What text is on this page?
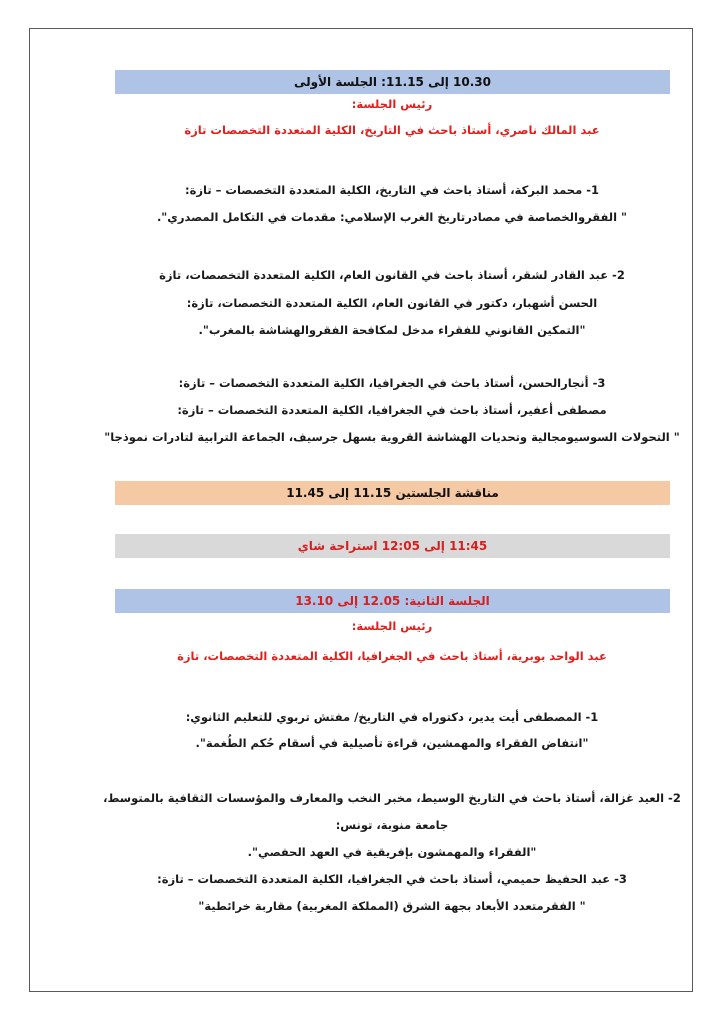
10.30 إلى 11.15: الجلسة الأولى
رئيس الجلسة:
عبد المالك ناصري، أستاذ باحث في التاريخ، الكلية المتعددة التخصصات تازة
1- محمد البركة، أستاذ باحث في التاريخ، الكلية المتعددة التخصصات – تازة:
" الفقروالخصاصة في مصادرتاريخ الغرب الإسلامي: مقدمات في التكامل المصدري".
2- عبد القادر لشقر، أستاذ باحث في القانون العام، الكلية المتعددة التخصصات، تازة
الحسن أشهبار، دكتور في القانون العام، الكلية المتعددة التخصصات، تازة:
"التمكين القانوني للفقراء مدخل لمكافحة الفقروالهشاشة بالمغرب".
3- أنجارالحسن، أستاذ باحث في الجغرافيا، الكلية المتعددة التخصصات – تازة:
مصطفى أعفير، أستاذ باحث في الجغرافيا، الكلية المتعددة التخصصات – تازة:
" التحولات السوسيومجالية وتحديات الهشاشة القروية بسهل جرسيف، الجماعة الترابية لتادرات نموذجا"
مناقشة الجلستين 11.15 إلى 11.45
11:45 إلى 12:05 استراحة شاي
الجلسة الثانية: 12.05 إلى 13.10
رئيس الجلسة:
عبد الواحد بوبرية، أستاذ باحث في الجغرافيا، الكلية المتعددة التخصصات، تازة
1- المصطفى أيت يدير، دكتوراه في التاريخ/ مفتش تربوي للتعليم الثانوي:
"انتفاض الفقراء والمهمشين، قراءة تأصيلية في أسقام حُكم الطُغمة".
2- العيد غزالة، أستاذ باحث في التاريخ الوسيط، مخبر النخب والمعارف والمؤسسات الثقافية بالمتوسط،
جامعة منوبة، تونس:
"الفقراء والمهمشون بإفريقية في العهد الحفصي".
3- عبد الحفيظ حميمي، أستاذ باحث في الجغرافيا، الكلية المتعددة التخصصات – تازة:
" الفقرمتعدد الأبعاد بجهة الشرق (المملكة المغربية) مقاربة خرائطية"
